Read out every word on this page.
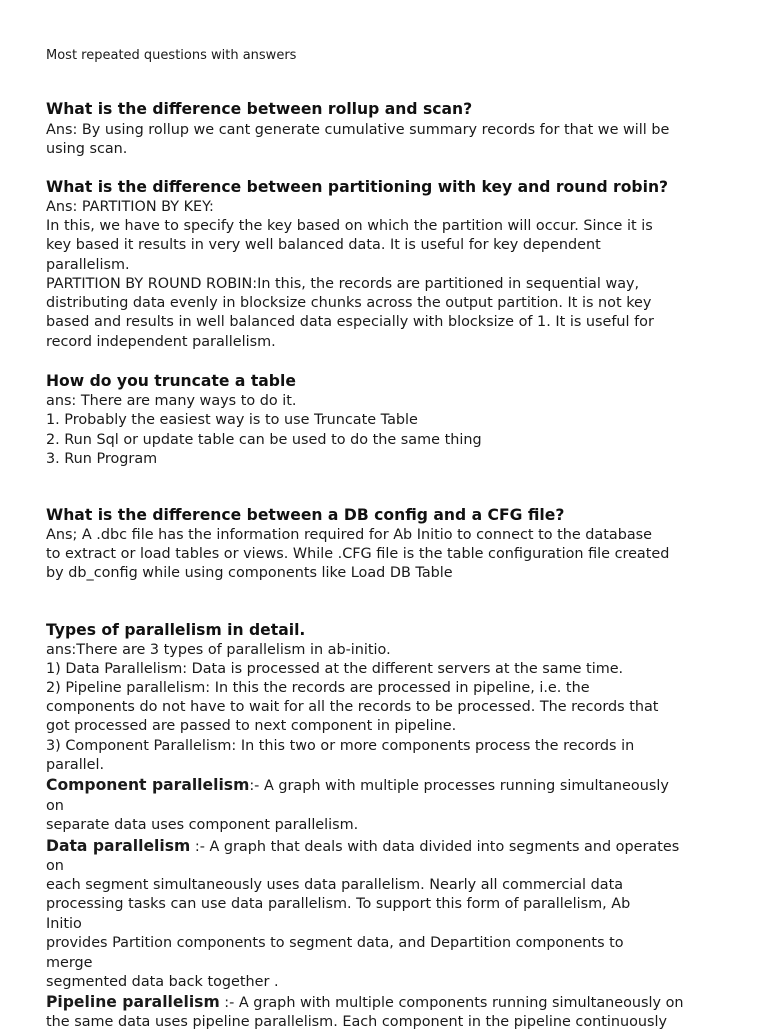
Most repeated questions with answers

What is the difference between rollup and scan?

Ans: By using rollup we cant generate cumulative summary records for that we will be

using scan.

What is the difference between partitioning with key and round robin?

Ans: PARTITION BY KEY:

In this, we have to specify the key based on which the partition will occur. Since it is

key based it results in very well balanced data. It is useful for key dependent

parallelism.

PARTITION BY ROUND ROBIN:In this, the records are partitioned in sequential way,

distributing data evenly in blocksize chunks across the output partition. It is not key

based and results in well balanced data especially with blocksize of 1. It is useful for

record independent parallelism.

How do you truncate a table

ans: There are many ways to do it.

1. Probably the easiest way is to use Truncate Table

2. Run Sql or update table can be used to do the same thing

3. Run Program

What is the difference between a DB config and a CFG file?

Ans; A .dbc file has the information required for Ab Initio to connect to the database

to extract or load tables or views. While .CFG file is the table configuration file created

by db_config while using components like Load DB Table

Types of parallelism in detail.

ans:There are 3 types of parallelism in ab-initio.

1) Data Parallelism: Data is processed at the different servers at the same time.

2) Pipeline parallelism: In this the records are processed in pipeline, i.e. the

components do not have to wait for all the records to be processed. The records that

got processed are passed to next component in pipeline.

3) Component Parallelism: In this two or more components process the records in

parallel.

Component parallelism:- A graph with multiple processes running simultaneously

on

separate data uses component parallelism.

Data parallelism :- A graph that deals with data divided into segments and operates

on

each segment simultaneously uses data parallelism. Nearly all commercial data

processing tasks can use data parallelism. To support this form of parallelism, Ab

Initio

provides Partition components to segment data, and Departition components to

merge

segmented data back together .

Pipeline parallelism :- A graph with multiple components running simultaneously on

the same data uses pipeline parallelism. Each component in the pipeline continuously
